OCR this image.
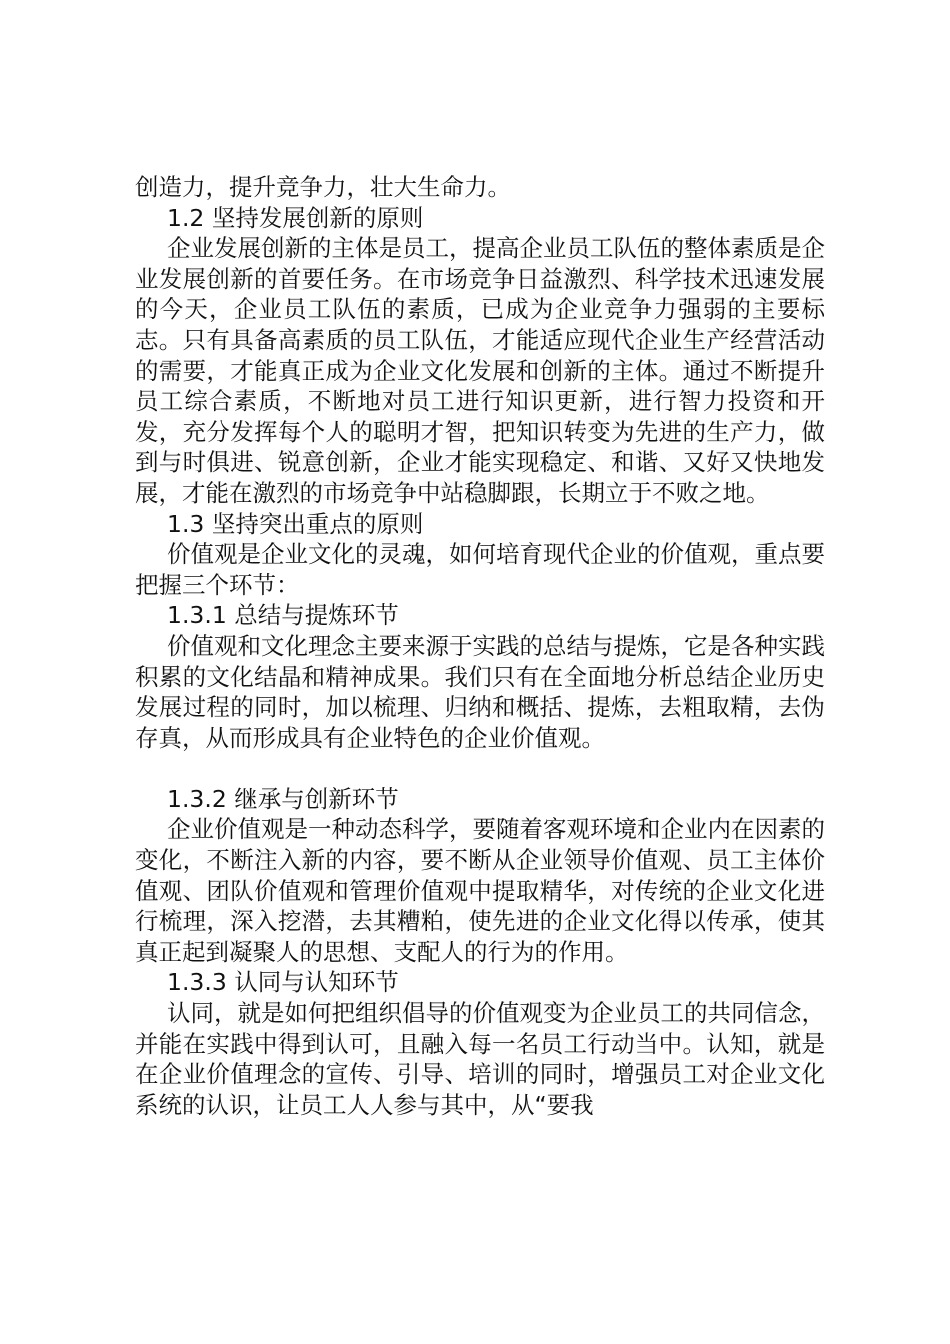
创造力，提升竞争力，壮大生命力。

1.2 坚持发展创新的原则

企业发展创新的主体是员工，提高企业员工队伍的整体素质是企业发展创新的首要任务。在市场竞争日益激烈、科学技术迅速发展的今天，企业员工队伍的素质，已成为企业竞争力强弱的主要标志。只有具备高素质的员工队伍，才能适应现代企业生产经营活动的需要，才能真正成为企业文化发展和创新的主体。通过不断提升员工综合素质，不断地对员工进行知识更新，进行智力投资和开发，充分发挥每个人的聪明才智，把知识转变为先进的生产力，做到与时俱进、锐意创新，企业才能实现稳定、和谐、又好又快地发展，才能在激烈的市场竞争中站稳脚跟，长期立于不败之地。

1.3 坚持突出重点的原则

价值观是企业文化的灵魂，如何培育现代企业的价值观，重点要把握三个环节：

1.3.1 总结与提炼环节

价值观和文化理念主要来源于实践的总结与提炼，它是各种实践积累的文化结晶和精神成果。我们只有在全面地分析总结企业历史发展过程的同时，加以梳理、归纳和概括、提炼，去粗取精，去伪存真，从而形成具有企业特色的企业价值观。

1.3.2 继承与创新环节

企业价值观是一种动态科学，要随着客观环境和企业内在因素的变化，不断注入新的内容，要不断从企业领导价值观、员工主体价值观、团队价值观和管理价值观中提取精华，对传统的企业文化进行梳理，深入挖潜，去其糟粕，使先进的企业文化得以传承，使其真正起到凝聚人的思想、支配人的行为的作用。

1.3.3 认同与认知环节

认同，就是如何把组织倡导的价值观变为企业员工的共同信念，并能在实践中得到认可，且融入每一名员工行动当中。认知，就是在企业价值理念的宣传、引导、培训的同时，增强员工对企业文化系统的认识，让员工人人参与其中，从“要我
